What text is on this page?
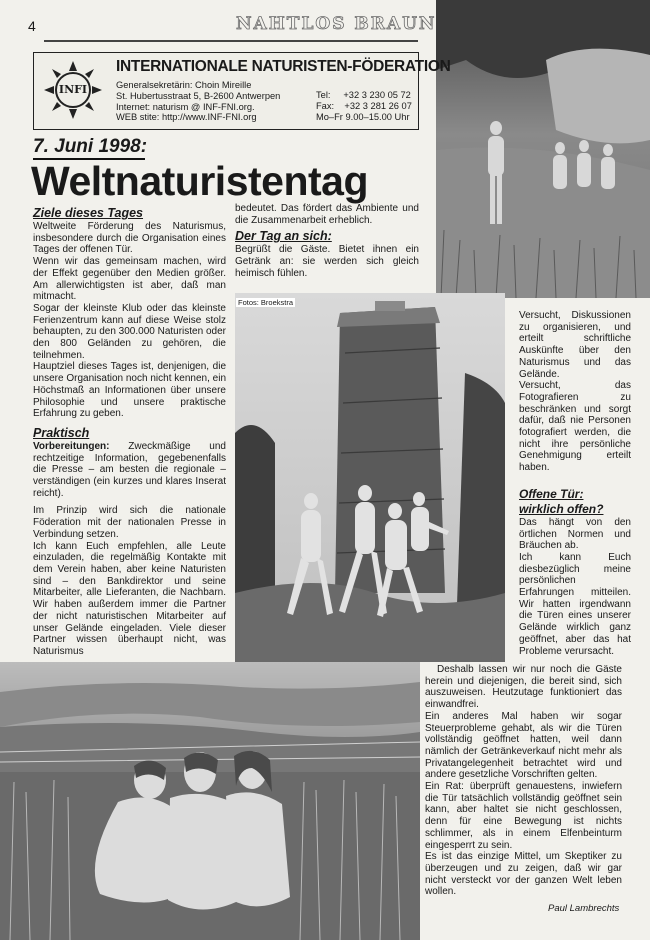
4	NAHTLOS BRAUN
INFI
INTERNATIONALE NATURISTEN-FÖDERATION
Generalsekretärin: Choin Mireille
St. Hubertusstraat 5, B-2600 Antwerpen
Internet: naturism @ INF-FNI.org.
WEB stite: http://www.INF-FNI.org
Tel:     +32 3 230 05 72
Fax:    +32 3 281 26 07
Mo–Fr 9.00–15.00 Uhr
7. Juni 1998:
Weltnaturistentag
Ziele dieses Tages

Weltweite Förderung des Naturismus, insbesondere durch die Organisation eines Tages der offenen Tür.

Wenn wir das gemeinsam machen, wird der Effekt gegenüber den Medien größer. Am allerwichtigsten ist aber, daß man mitmacht.

Sogar der kleinste Klub oder das kleinste Ferienzentrum kann auf diese Weise stolz behaupten, zu den 300.000 Naturisten oder den 800 Geländen zu gehören, die teilnehmen.

Hauptziel dieses Tages ist, denjenigen, die unsere Organisation noch nicht kennen, ein Höchstmaß an Informationen über unsere Philosophie und unsere praktische Erfahrung zu geben.

Praktisch

Vorbereitungen: Zweckmäßige und rechtzeitige Information, gegebenenfalls die Presse – am besten die regionale – verständigen (ein kurzes und klares Inserat reicht).

Im Prinzip wird sich die nationale Föderation mit der nationalen Presse in Verbindung setzen.

Ich kann Euch empfehlen, alle Leute einzuladen, die regelmäßig Kontakte mit dem Verein haben, aber keine Naturisten sind – den Bankdirektor und seine Mitarbeiter, alle Lieferanten, die Nachbarn. Wir haben außerdem immer die Partner der nicht naturistischen Mitarbeiter auf unser Gelände eingeladen. Viele dieser Partner wissen überhaupt nicht, was Naturismus

bedeutet. Das fördert das Ambiente und die Zusammenarbeit erheblich.

Der Tag an sich:

Begrüßt die Gäste. Bietet ihnen ein Getränk an: sie werden sich gleich heimisch fühlen.

Fotos: Broekstra

Versucht, Diskussionen zu organisieren, und erteilt schriftliche Auskünfte über den Naturismus und das Gelände.

Versucht, das Fotografieren zu beschränken und sorgt dafür, daß nie Personen fotografiert werden, die nicht ihre persönliche Genehmigung erteilt haben.

Offene Tür:
wirklich offen?

Das hängt von den örtlichen Normen und Bräuchen ab.

Ich kann Euch diesbezüglich meine persönlichen Erfahrungen mitteilen. Wir hatten irgendwann die Türen eines unserer Gelände wirklich ganz geöffnet, aber das hat Probleme verursacht.

Deshalb lassen wir nur noch die Gäste herein und diejenigen, die bereit sind, sich auszuweisen. Heutzutage funktioniert das einwandfrei.

Ein anderes Mal haben wir sogar Steuerprobleme gehabt, als wir die Türen vollständig geöffnet hatten, weil dann nämlich der Getränkeverkauf nicht mehr als Privatangelegenheit betrachtet wird und andere gesetzliche Vorschriften gelten.

Ein Rat: überprüft genauestens, inwiefern die Tür tatsächlich vollständig geöffnet sein kann, aber haltet sie nicht geschlossen, denn für eine Bewegung ist nichts schlimmer, als in einem Elfenbeinturm eingesperrt zu sein.

Es ist das einzige Mittel, um Skeptiker zu überzeugen und zu zeigen, daß wir gar nicht versteckt vor der ganzen Welt leben wollen.

Paul Lambrechts
